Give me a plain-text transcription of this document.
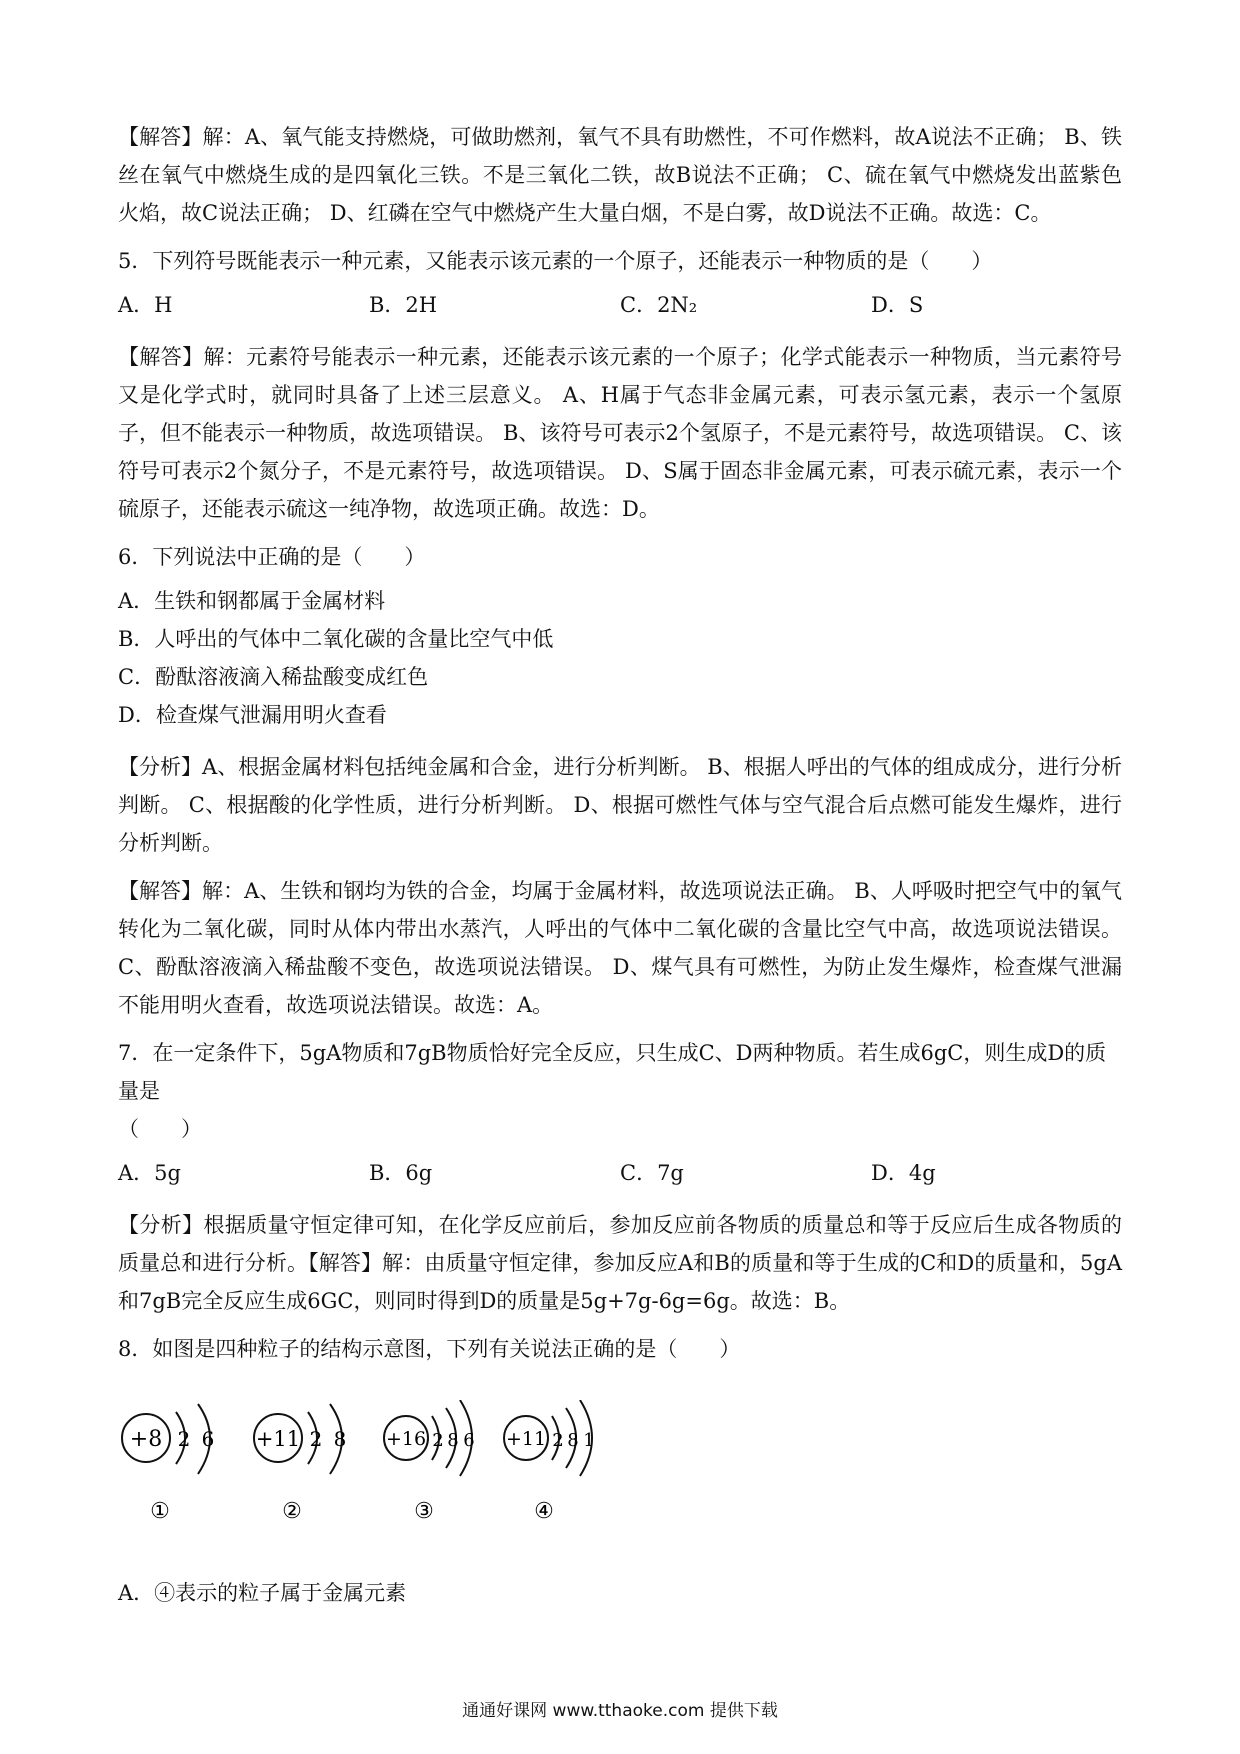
【解答】解：A、氧气能支持燃烧，可做助燃剂，氧气不具有助燃性，不可作燃料，故A说法不正确； B、铁丝在氧气中燃烧生成的是四氧化三铁。不是三氧化二铁，故B说法不正确； C、硫在氧气中燃烧发出蓝紫色火焰，故C说法正确； D、红磷在空气中燃烧产生大量白烟，不是白雾，故D说法不正确。故选：C。

5．下列符号既能表示一种元素，又能表示该元素的一个原子，还能表示一种物质的是（　　）

A．H	B．2H	C．2N₂	D．S

【解答】解：元素符号能表示一种元素，还能表示该元素的一个原子；化学式能表示一种物质，当元素符号又是化学式时，就同时具备了上述三层意义。 A、H属于气态非金属元素，可表示氢元素，表示一个氢原子，但不能表示一种物质，故选项错误。 B、该符号可表示2个氢原子，不是元素符号，故选项错误。 C、该符号可表示2个氮分子，不是元素符号，故选项错误。 D、S属于固态非金属元素，可表示硫元素，表示一个硫原子，还能表示硫这一纯净物，故选项正确。故选：D。

6．下列说法中正确的是（　　）

A．生铁和钢都属于金属材料

B．人呼出的气体中二氧化碳的含量比空气中低

C．酚酞溶液滴入稀盐酸变成红色

D．检查煤气泄漏用明火查看

【分析】A、根据金属材料包括纯金属和合金，进行分析判断。 B、根据人呼出的气体的组成成分，进行分析判断。 C、根据酸的化学性质，进行分析判断。 D、根据可燃性气体与空气混合后点燃可能发生爆炸，进行分析判断。

【解答】解：A、生铁和钢均为铁的合金，均属于金属材料，故选项说法正确。 B、人呼吸时把空气中的氧气转化为二氧化碳，同时从体内带出水蒸汽，人呼出的气体中二氧化碳的含量比空气中高，故选项说法错误。 C、酚酞溶液滴入稀盐酸不变色，故选项说法错误。 D、煤气具有可燃性，为防止发生爆炸，检查煤气泄漏不能用明火查看，故选项说法错误。故选：A。

7．在一定条件下，5gA物质和7gB物质恰好完全反应，只生成C、D两种物质。若生成6gC，则生成D的质量是

（　　）

A．5g	B．6g	C．7g	D．4g

【分析】根据质量守恒定律可知，在化学反应前后，参加反应前各物质的质量总和等于反应后生成各物质的质量总和进行分析。【解答】解：由质量守恒定律，参加反应A和B的质量和等于生成的C和D的质量和，5gA和7gB完全反应生成6GC，则同时得到D的质量是5g+7g-6g=6g。故选：B。

8．如图是四种粒子的结构示意图，下列有关说法正确的是（　　）

+8 2 6
①
+11 2 8
②
+16 2 8 6
③
+11 2 8 1
④

A．④表示的粒子属于金属元素

通通好课网 www.tthaoke.com 提供下载
